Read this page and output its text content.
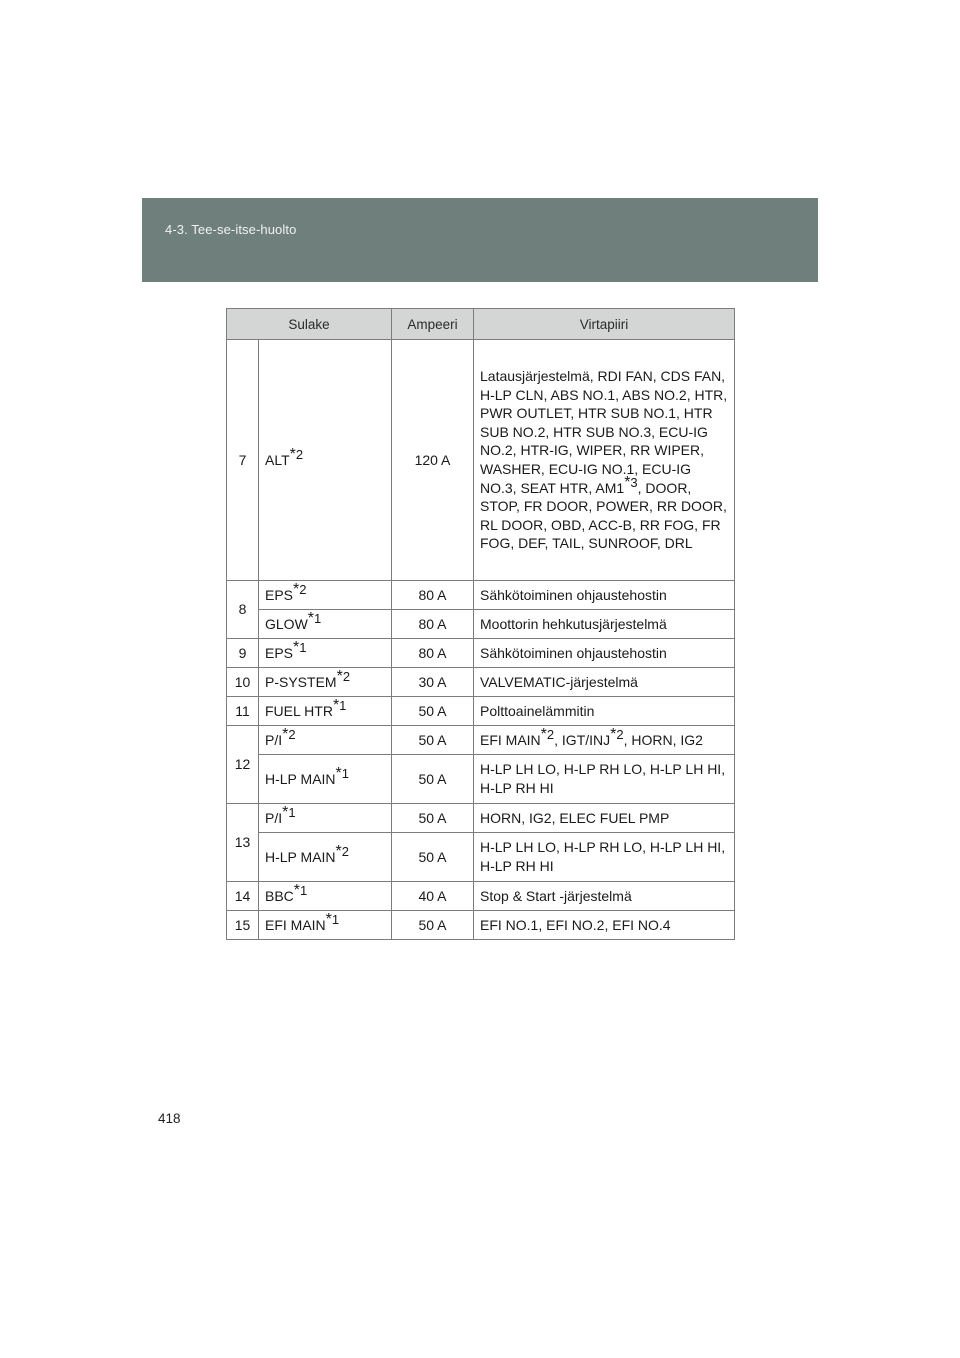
4-3. Tee-se-itse-huolto
Sulake		Ampeeri	Virtapiiri
7	ALT$^{*2}$	120 A	Latausjärjestelmä, RDI FAN, CDS FAN, H-LP CLN, ABS NO.1, ABS NO.2, HTR, PWR OUTLET, HTR SUB NO.1, HTR SUB NO.2, HTR SUB NO.3, ECU-IG NO.2, HTR-IG, WIPER, RR WIPER, WASHER, ECU-IG NO.1, ECU-IG NO.3, SEAT HTR, AM1$^{*3}$, DOOR, STOP, FR DOOR, POWER, RR DOOR, RL DOOR, OBD, ACC-B, RR FOG, FR FOG, DEF, TAIL, SUNROOF, DRL
8	EPS$^{*2}$	80 A	Sähkötoiminen ohjaustehostin
	GLOW$^{*1}$	80 A	Moottorin hehkutusjärjestelmä
9	EPS$^{*1}$	80 A	Sähkötoiminen ohjaustehostin
10	P-SYSTEM$^{*2}$	30 A	VALVEMATIC-järjestelmä
11	FUEL HTR$^{*1}$	50 A	Polttoainelämmitin
12	$P/I^{*2}$	50 A	EFI MAIN$^{*2}$, IGT/INJ$^{*2}$, HORN, IG2
	H-LP MAIN$^{*1}$	50 A	H-LP LH LO, H-LP RH LO, H-LP LH HI, H-LP RH HI
13	$P/I^{*1}$	50 A	HORN, IG2, ELEC FUEL PMP
	H-LP MAIN$^{*2}$	50 A	H-LP LH LO, H-LP RH LO, H-LP LH HI, H-LP RH HI
14	BBC$^{*1}$	40 A	Stop & Start -järjestelmä
15	EFI MAIN$^{*1}$	50 A	EFI NO.1, EFI NO.2, EFI NO.4
418
